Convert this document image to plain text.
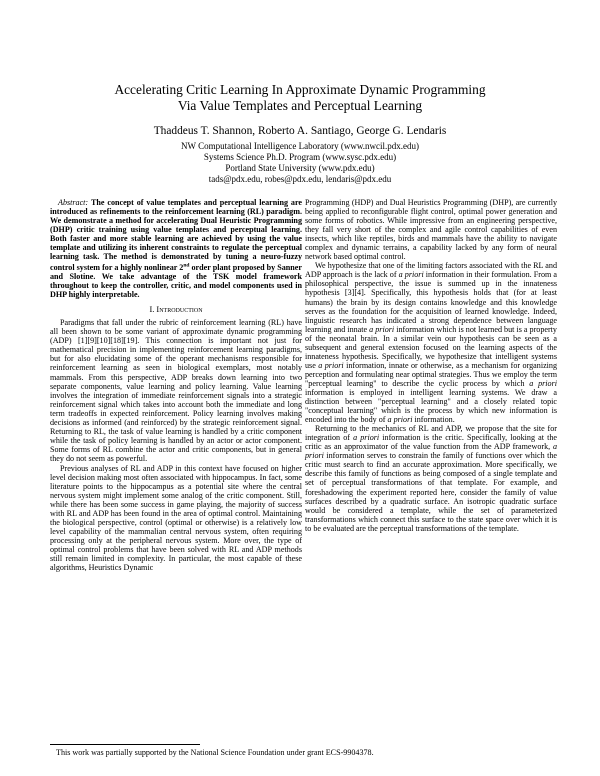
Accelerating Critic Learning In Approximate Dynamic Programming
Via Value Templates and Perceptual Learning
Thaddeus T. Shannon, Roberto A. Santiago, George G. Lendaris
NW Computational Intelligence Laboratory (www.nwcil.pdx.edu)
Systems Science Ph.D. Program (www.sysc.pdx.edu)
Portland State University (www.pdx.edu)
tads@pdx.edu, robes@pdx.edu, lendaris@pdx.edu

Abstract: The concept of value templates and perceptual learning are introduced as refinements to the reinforcement learning (RL) paradigm. We demonstrate a method for accelerating Dual Heuristic Programming (DHP) critic training using value templates and perceptual learning. Both faster and more stable learning are achieved by using the value template and utilizing its inherent constraints to regulate the perceptual learning task. The method is demonstrated by tuning a neuro-fuzzy control system for a highly nonlinear 2nd order plant proposed by Sanner and Slotine. We take advantage of the TSK model framework throughout to keep the controller, critic, and model components used in DHP highly interpretable.

I. Introduction

Paradigms that fall under the rubric of reinforcement learning (RL) have all been shown to be some variant of approximate dynamic programming (ADP) [1][9][10][18][19]. This connection is important not just for mathematical precision in implementing reinforcement learning paradigms, but for also elucidating some of the operant mechanisms responsible for reinforcement learning as seen in biological exemplars, most notably mammals. From this perspective, ADP breaks down learning into two separate components, value learning and policy learning. Value learning involves the integration of immediate reinforcement signals into a strategic reinforcement signal which takes into account both the immediate and long term tradeoffs in expected reinforcement. Policy learning involves making decisions as informed (and reinforced) by the strategic reinforcement signal. Returning to RL, the task of value learning is handled by a critic component while the task of policy learning is handled by an actor or actor component. Some forms of RL combine the actor and critic components, but in general they do not seem as powerful.

Previous analyses of RL and ADP in this context have focused on higher level decision making most often associated with hippocampus. In fact, some literature points to the hippocampus as a potential site where the central nervous system might implement some analog of the critic component. Still, while there has been some success in game playing, the majority of success with RL and ADP has been found in the area of optimal control. Maintaining the biological perspective, control (optimal or otherwise) is a relatively low level capability of the mammalian central nervous system, often requiring processing only at the peripheral nervous system. More over, the type of optimal control problems that have been solved with RL and ADP methods still remain limited in complexity. In particular, the most capable of these algorithms, Heuristics Dynamic

Programming (HDP) and Dual Heuristics Programming (DHP), are currently being applied to reconfigurable flight control, optimal power generation and some forms of robotics. While impressive from an engineering perspective, they fall very short of the complex and agile control capabilities of even insects, which like reptiles, birds and mammals have the ability to navigate complex and dynamic terrains, a capability lacked by any form of neural network based optimal control.

We hypothesize that one of the limiting factors associated with the RL and ADP approach is the lack of a priori information in their formulation. From a philosophical perspective, the issue is summed up in the innateness hypothesis [3][4]. Specifically, this hypothesis holds that (for at least humans) the brain by its design contains knowledge and this knowledge serves as the foundation for the acquisition of learned knowledge. Indeed, linguistic research has indicated a strong dependence between language learning and innate a priori information which is not learned but is a property of the neonatal brain. In a similar vein our hypothesis can be seen as a subsequent and general extension focused on the learning aspects of the innateness hypothesis. Specifically, we hypothesize that intelligent systems use a priori information, innate or otherwise, as a mechanism for organizing perception and formulating near optimal strategies. Thus we employ the term "perceptual learning" to describe the cyclic process by which a priori information is employed in intelligent learning systems. We draw a distinction between "perceptual learning" and a closely related topic "conceptual learning" which is the process by which new information is encoded into the body of a priori information.

Returning to the mechanics of RL and ADP, we propose that the site for integration of a priori information is the critic. Specifically, looking at the critic as an approximator of the value function from the ADP framework, a priori information serves to constrain the family of functions over which the critic must search to find an accurate approximation. More specifically, we describe this family of functions as being composed of a single template and set of perceptual transformations of that template. For example, and foreshadowing the experiment reported here, consider the family of value surfaces described by a quadratic surface. An isotropic quadratic surface would be considered a template, while the set of parameterized transformations which connect this surface to the state space over which it is to be evaluated are the perceptual transformations of the template.

This work was partially supported by the National Science Foundation under grant ECS-9904378.
